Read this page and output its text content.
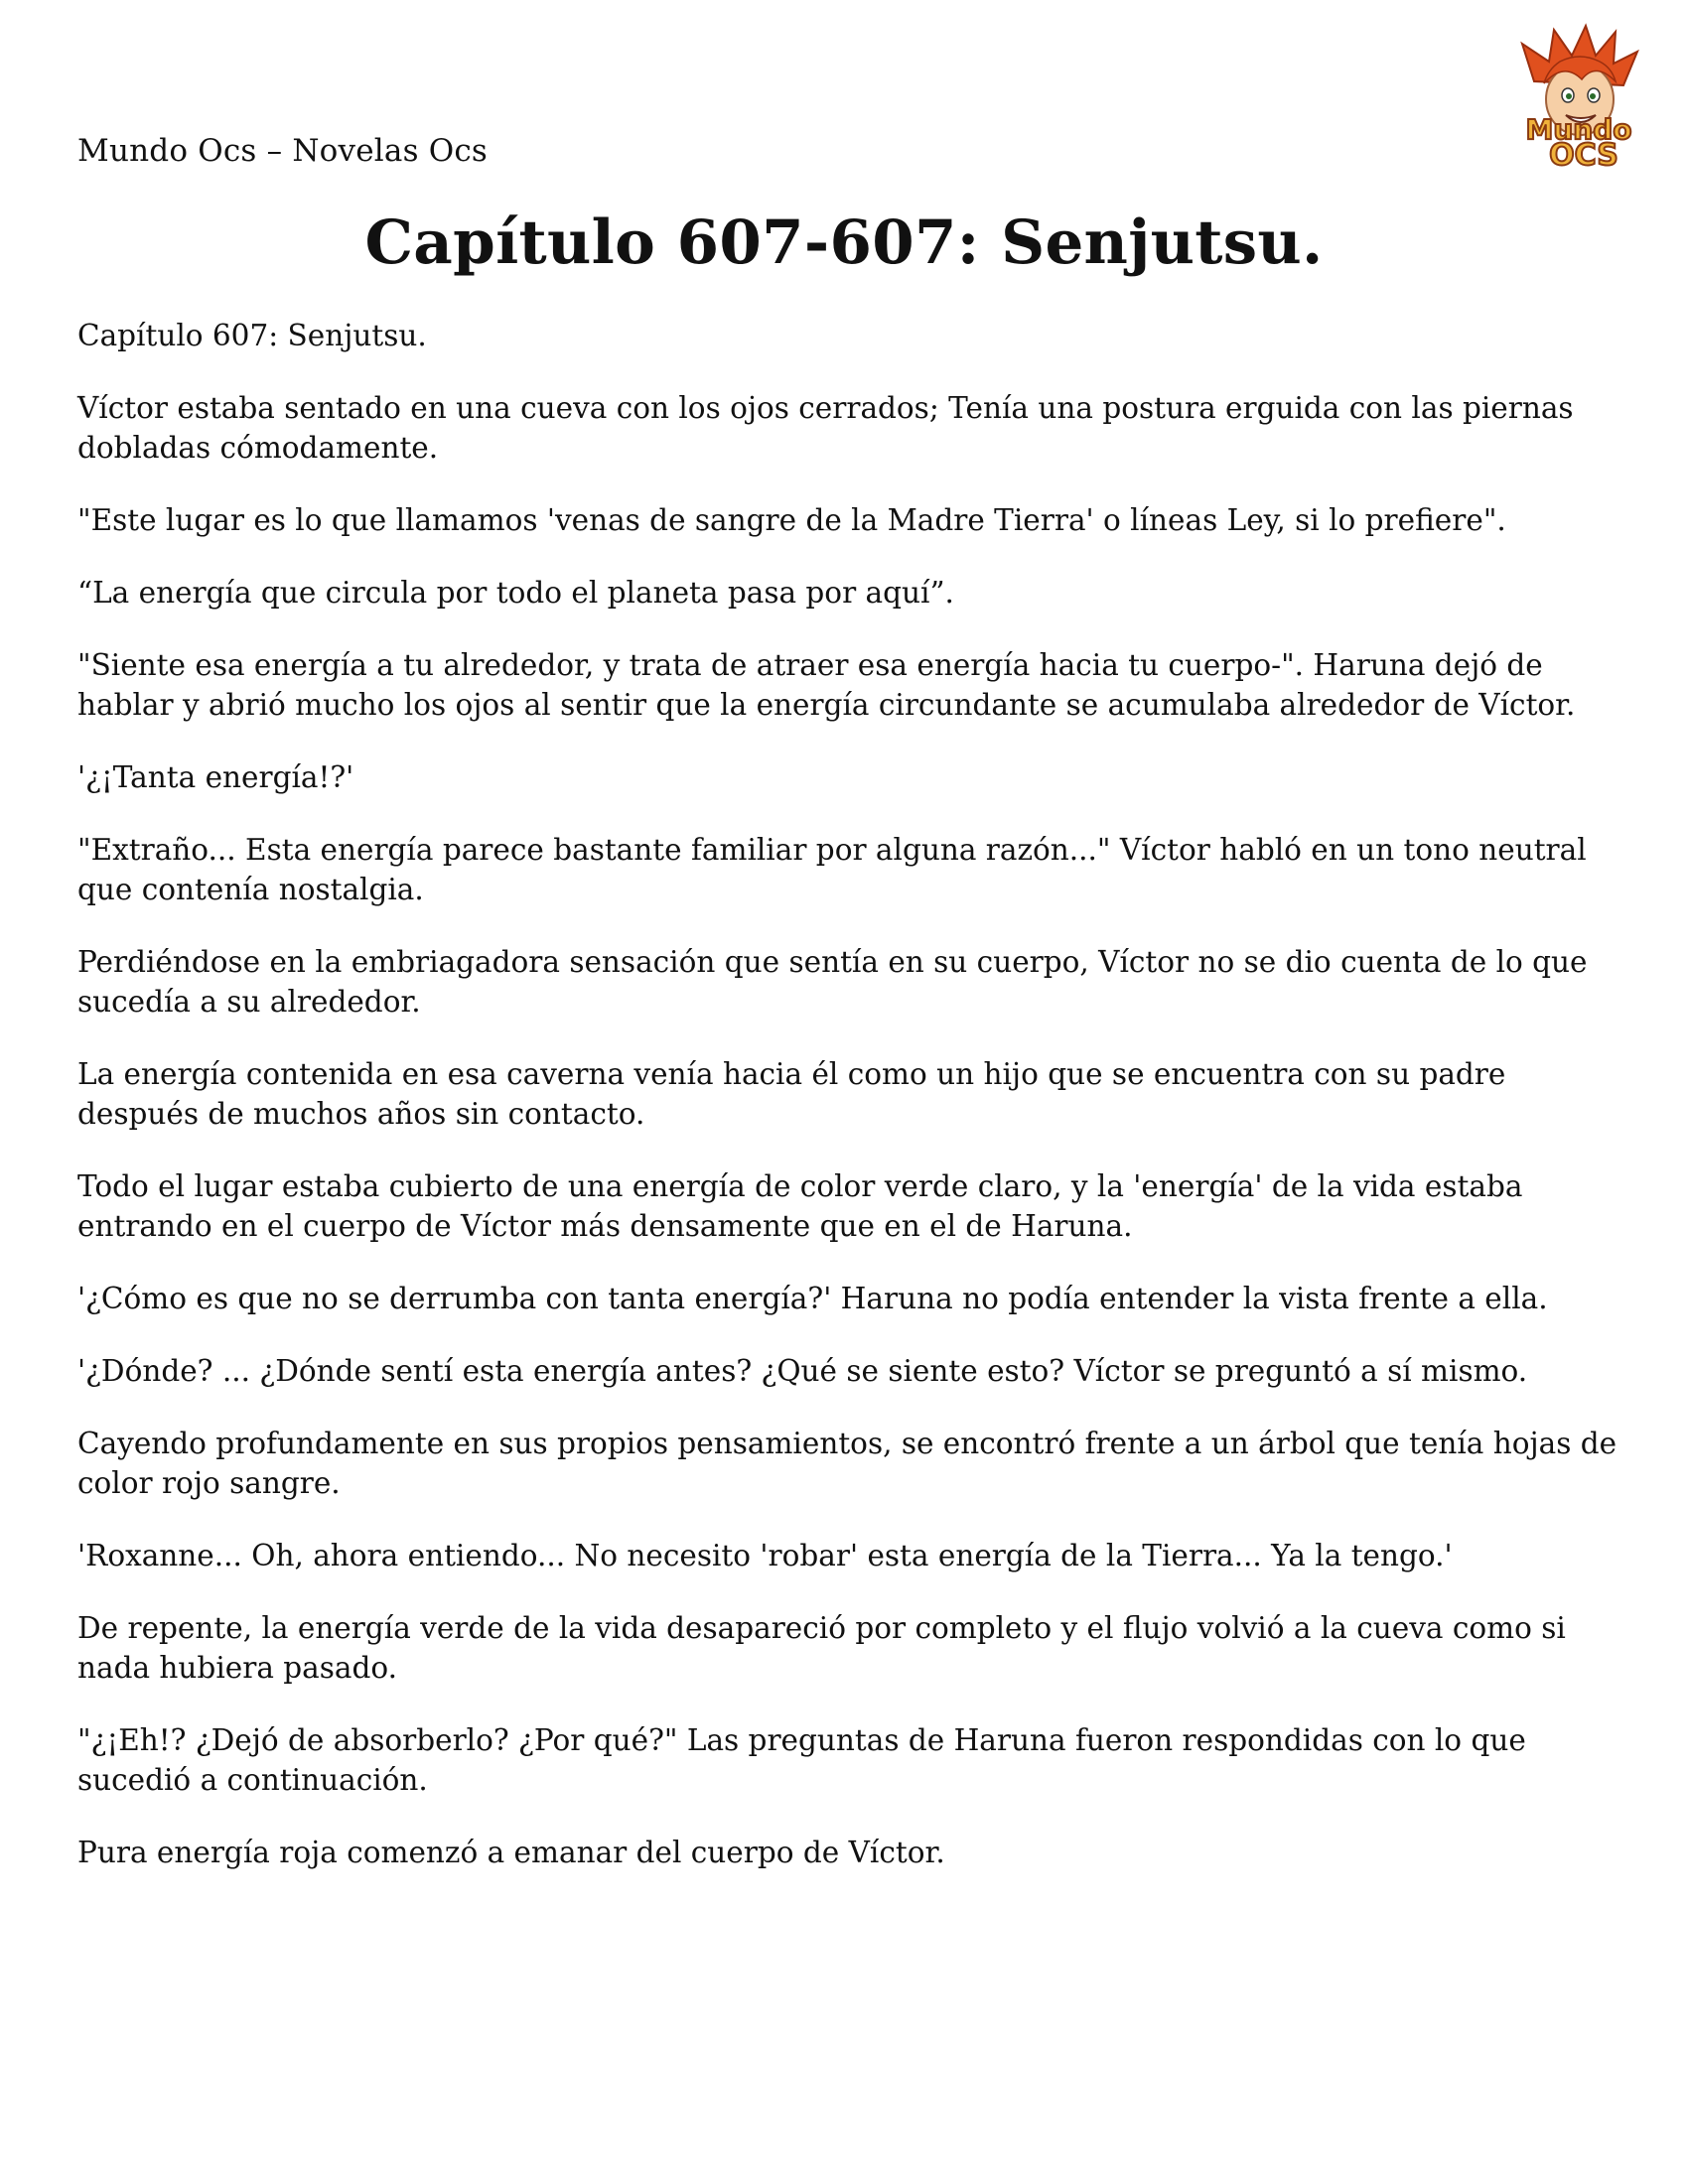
Mundo Ocs – Novelas Ocs
Mundo
OCS
Capítulo 607-607: Senjutsu.

Capítulo 607: Senjutsu.

Víctor estaba sentado en una cueva con los ojos cerrados; Tenía una postura erguida con las piernas dobladas cómodamente.

"Este lugar es lo que llamamos 'venas de sangre de la Madre Tierra' o líneas Ley, si lo prefiere".

“La energía que circula por todo el planeta pasa por aquí”.

"Siente esa energía a tu alrededor, y trata de atraer esa energía hacia tu cuerpo-". Haruna dejó de hablar y abrió mucho los ojos al sentir que la energía circundante se acumulaba alrededor de Víctor.

'¿¡Tanta energía!?'

"Extraño... Esta energía parece bastante familiar por alguna razón..." Víctor habló en un tono neutral que contenía nostalgia.

Perdiéndose en la embriagadora sensación que sentía en su cuerpo, Víctor no se dio cuenta de lo que sucedía a su alrededor.

La energía contenida en esa caverna venía hacia él como un hijo que se encuentra con su padre después de muchos años sin contacto.

Todo el lugar estaba cubierto de una energía de color verde claro, y la 'energía' de la vida estaba entrando en el cuerpo de Víctor más densamente que en el de Haruna.

'¿Cómo es que no se derrumba con tanta energía?' Haruna no podía entender la vista frente a ella.

'¿Dónde? ... ¿Dónde sentí esta energía antes? ¿Qué se siente esto? Víctor se preguntó a sí mismo.

Cayendo profundamente en sus propios pensamientos, se encontró frente a un árbol que tenía hojas de color rojo sangre.

'Roxanne... Oh, ahora entiendo... No necesito 'robar' esta energía de la Tierra... Ya la tengo.'

De repente, la energía verde de la vida desapareció por completo y el flujo volvió a la cueva como si nada hubiera pasado.

"¿¡Eh!? ¿Dejó de absorberlo? ¿Por qué?" Las preguntas de Haruna fueron respondidas con lo que sucedió a continuación.

Pura energía roja comenzó a emanar del cuerpo de Víctor.
